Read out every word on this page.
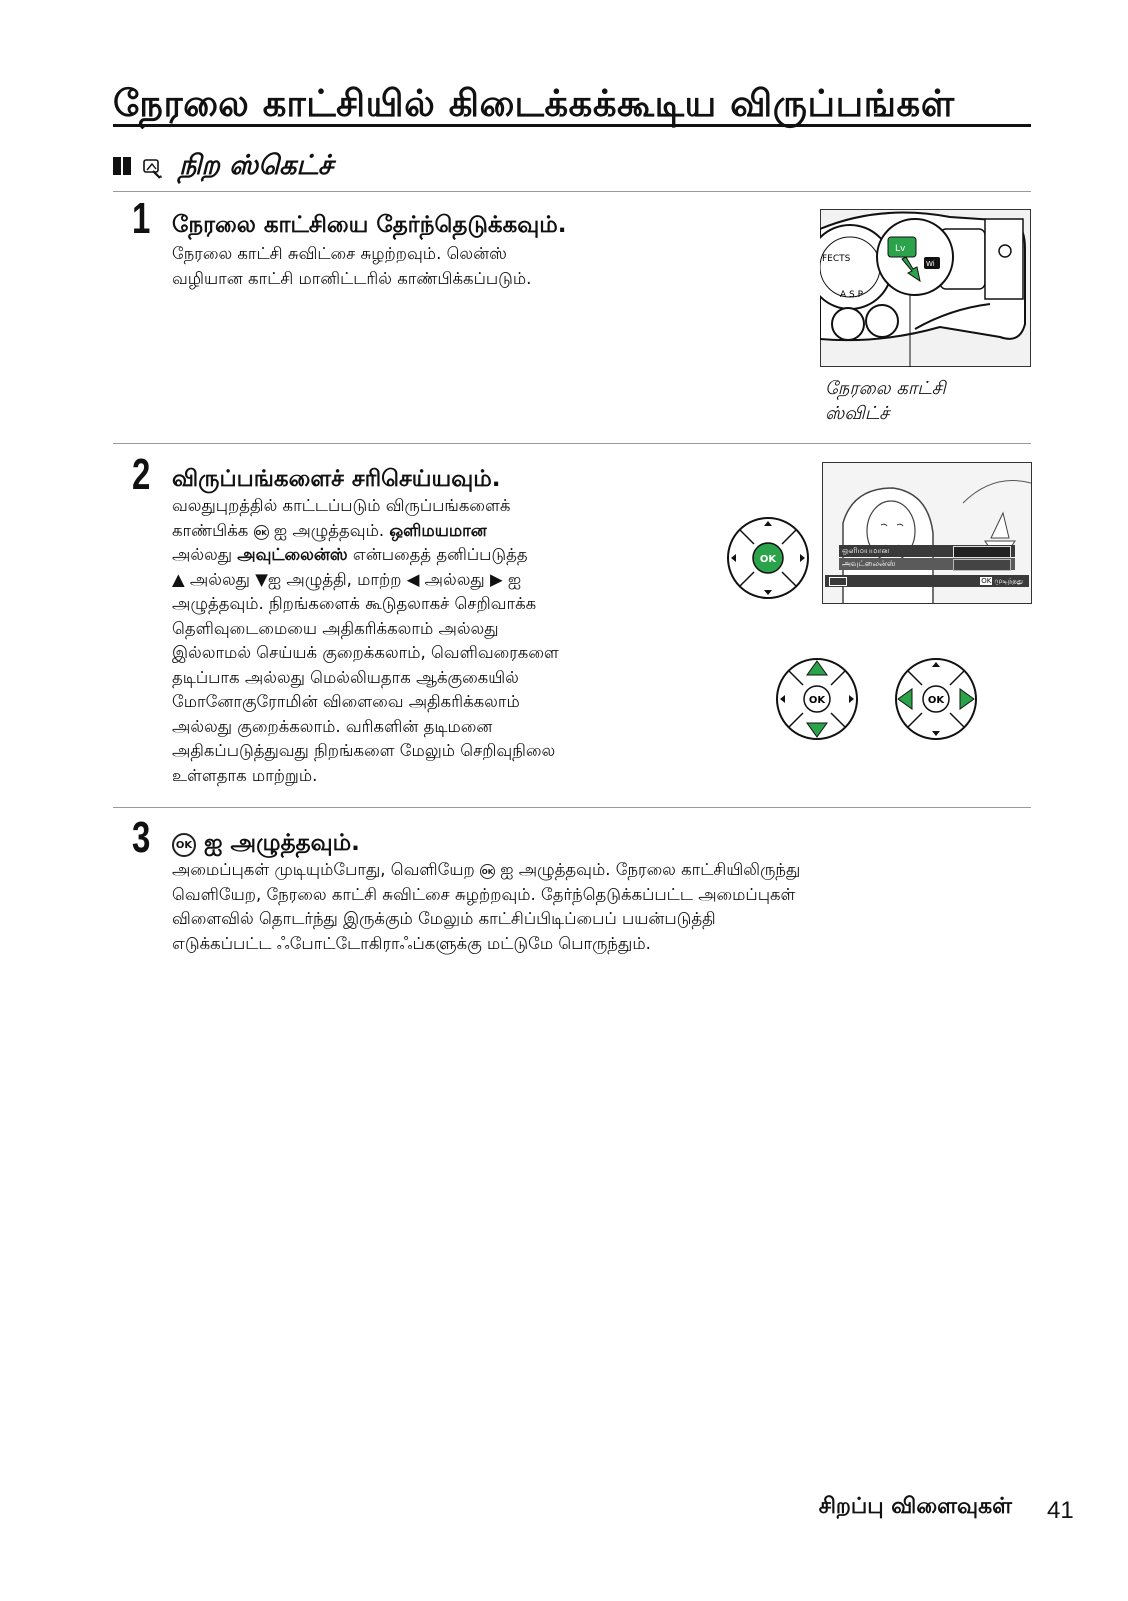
நேரலை காட்சியில் கிடைக்கக்கூடிய விருப்பங்கள்
நிற ஸ்கெட்ச்
1 நேரலை காட்சியை தேர்ந்தெடுக்கவும்.
நேரலை காட்சி சுவிட்சை சுழற்றவும். லென்ஸ்
வழியான காட்சி மானிட்டரில் காண்பிக்கப்படும்.
FECTS
A S P
Lv
Wi
நேரலை காட்சி
ஸ்விட்ச்
2 விருப்பங்களைச் சரிசெய்யவும்.
வலதுபுறத்தில் காட்டப்படும் விருப்பங்களைக்
காண்பிக்க OK ஐ அழுத்தவும். ஒளிமயமான
அல்லது அவுட்லைன்ஸ் என்பதைத் தனிப்படுத்த
▲ அல்லது ▼ஐ அழுத்தி, மாற்ற ◀ அல்லது ▶ ஐ
அழுத்தவும். நிறங்களைக் கூடுதலாகச் செறிவாக்க
தெளிவுடைமையை அதிகரிக்கலாம் அல்லது
இல்லாமல் செய்யக் குறைக்கலாம், வெளிவரைகளை
தடிப்பாக அல்லது மெல்லியதாக ஆக்குகையில்
மோனோகுரோமின் விளைவை அதிகரிக்கலாம்
அல்லது குறைக்கலாம். வரிகளின் தடிமனை
அதிகப்படுத்துவது நிறங்களை மேலும் செறிவுநிலை
உள்ளதாக மாற்றும்.
OK
ஒளிமயமான
அவுட்லைன்ஸ்
OK முடிந்தது
OK	OK
3	OK ஐ அழுத்தவும்.
அமைப்புகள் முடியும்போது, வெளியேற OK ஐ அழுத்தவும். நேரலை காட்சியிலிருந்து
வெளியேற, நேரலை காட்சி சுவிட்சை சுழற்றவும். தேர்ந்தெடுக்கப்பட்ட அமைப்புகள்
விளைவில் தொடர்ந்து இருக்கும் மேலும் காட்சிப்பிடிப்பைப் பயன்படுத்தி
எடுக்கப்பட்ட ஃபோட்டோகிராஃப்களுக்கு மட்டுமே பொருந்தும்.
சிறப்பு விளைவுகள் 41
